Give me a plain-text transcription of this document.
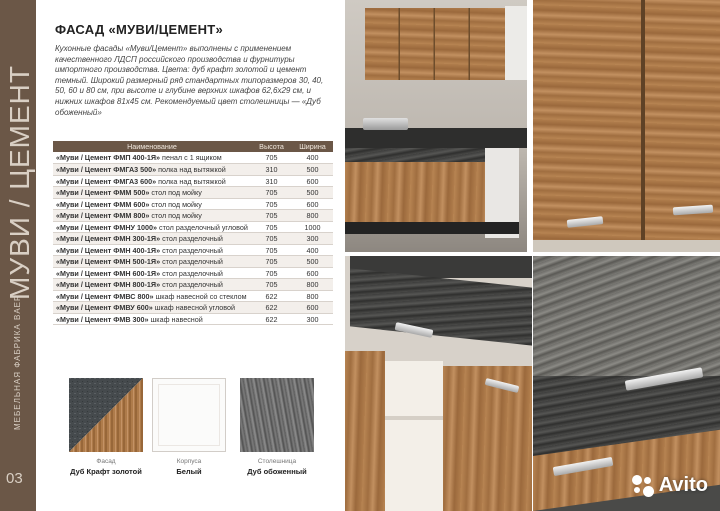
МУВИ / ЦЕМЕНТ
МЕБЕЛЬНАЯ ФАБРИКА BAER
03
ФАСАД «МУВИ/ЦЕМЕНТ»
Кухонные фасады «Муви/Цемент» выполнены с применением качественного ЛДСП российского производства и фурнитуры импортного производства. Цвета: дуб крафт золотой и цемент темный. Широкий размерный ряд стандартных типоразмеров 30, 40, 50, 60 и 80 см, при высоте и глубине верхних шкафов 62,6х29 см, и нижних шкафов 81х45 см. Рекомендуемый цвет столешницы — «Дуб обоженный»
Наименование	Высота	Ширина
«Муви / Цемент ФМП 400-1Я» пенал с 1 ящиком	705	400
«Муви / Цемент ФМГА3 500» полка над вытяжкой	310	500
«Муви / Цемент ФМГА3 600» полка над вытяжкой	310	600
«Муви / Цемент ФММ 500» стол под мойку	705	500
«Муви / Цемент ФММ 600» стол под мойку	705	600
«Муви / Цемент ФММ 800» стол под мойку	705	800
«Муви / Цемент ФМНУ 1000» стол разделочный угловой	705	1000
«Муви / Цемент ФМН 300-1Я» стол разделочный	705	300
«Муви / Цемент ФМН 400-1Я» стол разделочный	705	400
«Муви / Цемент ФМН 500-1Я» стол разделочный	705	500
«Муви / Цемент ФМН 600-1Я» стол разделочный	705	600
«Муви / Цемент ФМН 800-1Я» стол разделочный	705	800
«Муви / Цемент ФМВС 800» шкаф навесной со стеклом	622	800
«Муви / Цемент ФМВУ 600» шкаф навесной угловой	622	600
«Муви / Цемент ФМВ 300» шкаф навесной	622	300
Фасад
Дуб Крафт золотой
Корпуса
Белый
Столешница
Дуб обоженный
Avito
